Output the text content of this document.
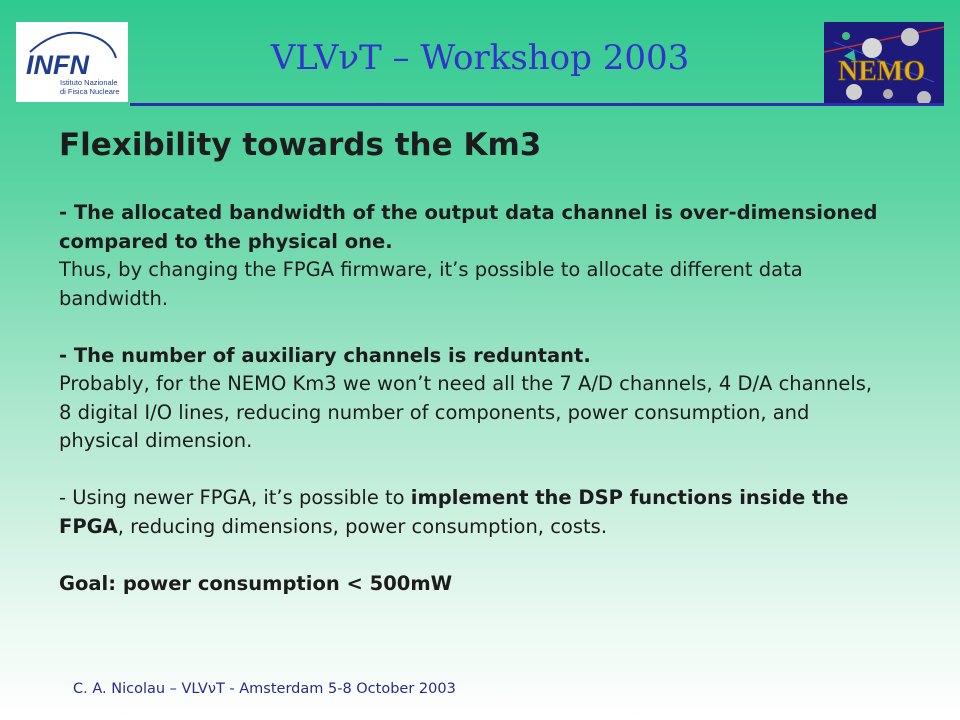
INFN
Istituto Nazionale
di Fisica Nucleare
VLVνT – Workshop 2003	NEMO
Flexibility towards the Km3

- The allocated bandwidth of the output data channel is over-dimensioned compared to the physical one.
Thus, by changing the FPGA firmware, it’s possible to allocate different data bandwidth.

- The number of auxiliary channels is reduntant.
Probably, for the NEMO Km3 we won’t need all the 7 A/D channels, 4 D/A channels, 8 digital I/O lines, reducing number of components, power consumption, and physical dimension.

- Using newer FPGA, it’s possible to implement the DSP functions inside the FPGA, reducing dimensions, power consumption, costs.

Goal: power consumption < 500mW

C. A. Nicolau – VLVνT - Amsterdam 5-8 October 2003
